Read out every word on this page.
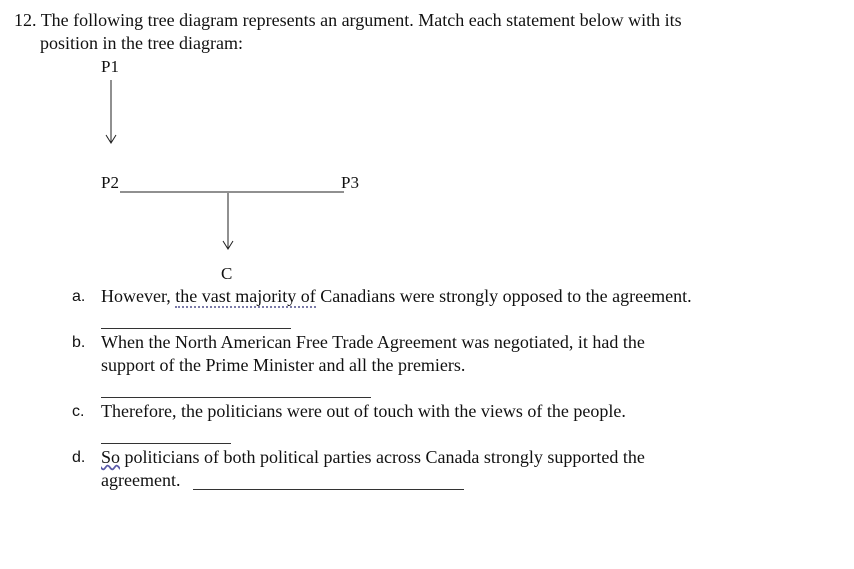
12. The following tree diagram represents an argument. Match each statement below with its
position in the tree diagram:
P1
P2	P3
C
a. However, the vast majority of Canadians were strongly opposed to the agreement.
b. When the North American Free Trade Agreement was negotiated, it had the
support of the Prime Minister and all the premiers.
c. Therefore, the politicians were out of touch with the views of the people.
d. So politicians of both political parties across Canada strongly supported the
agreement.
